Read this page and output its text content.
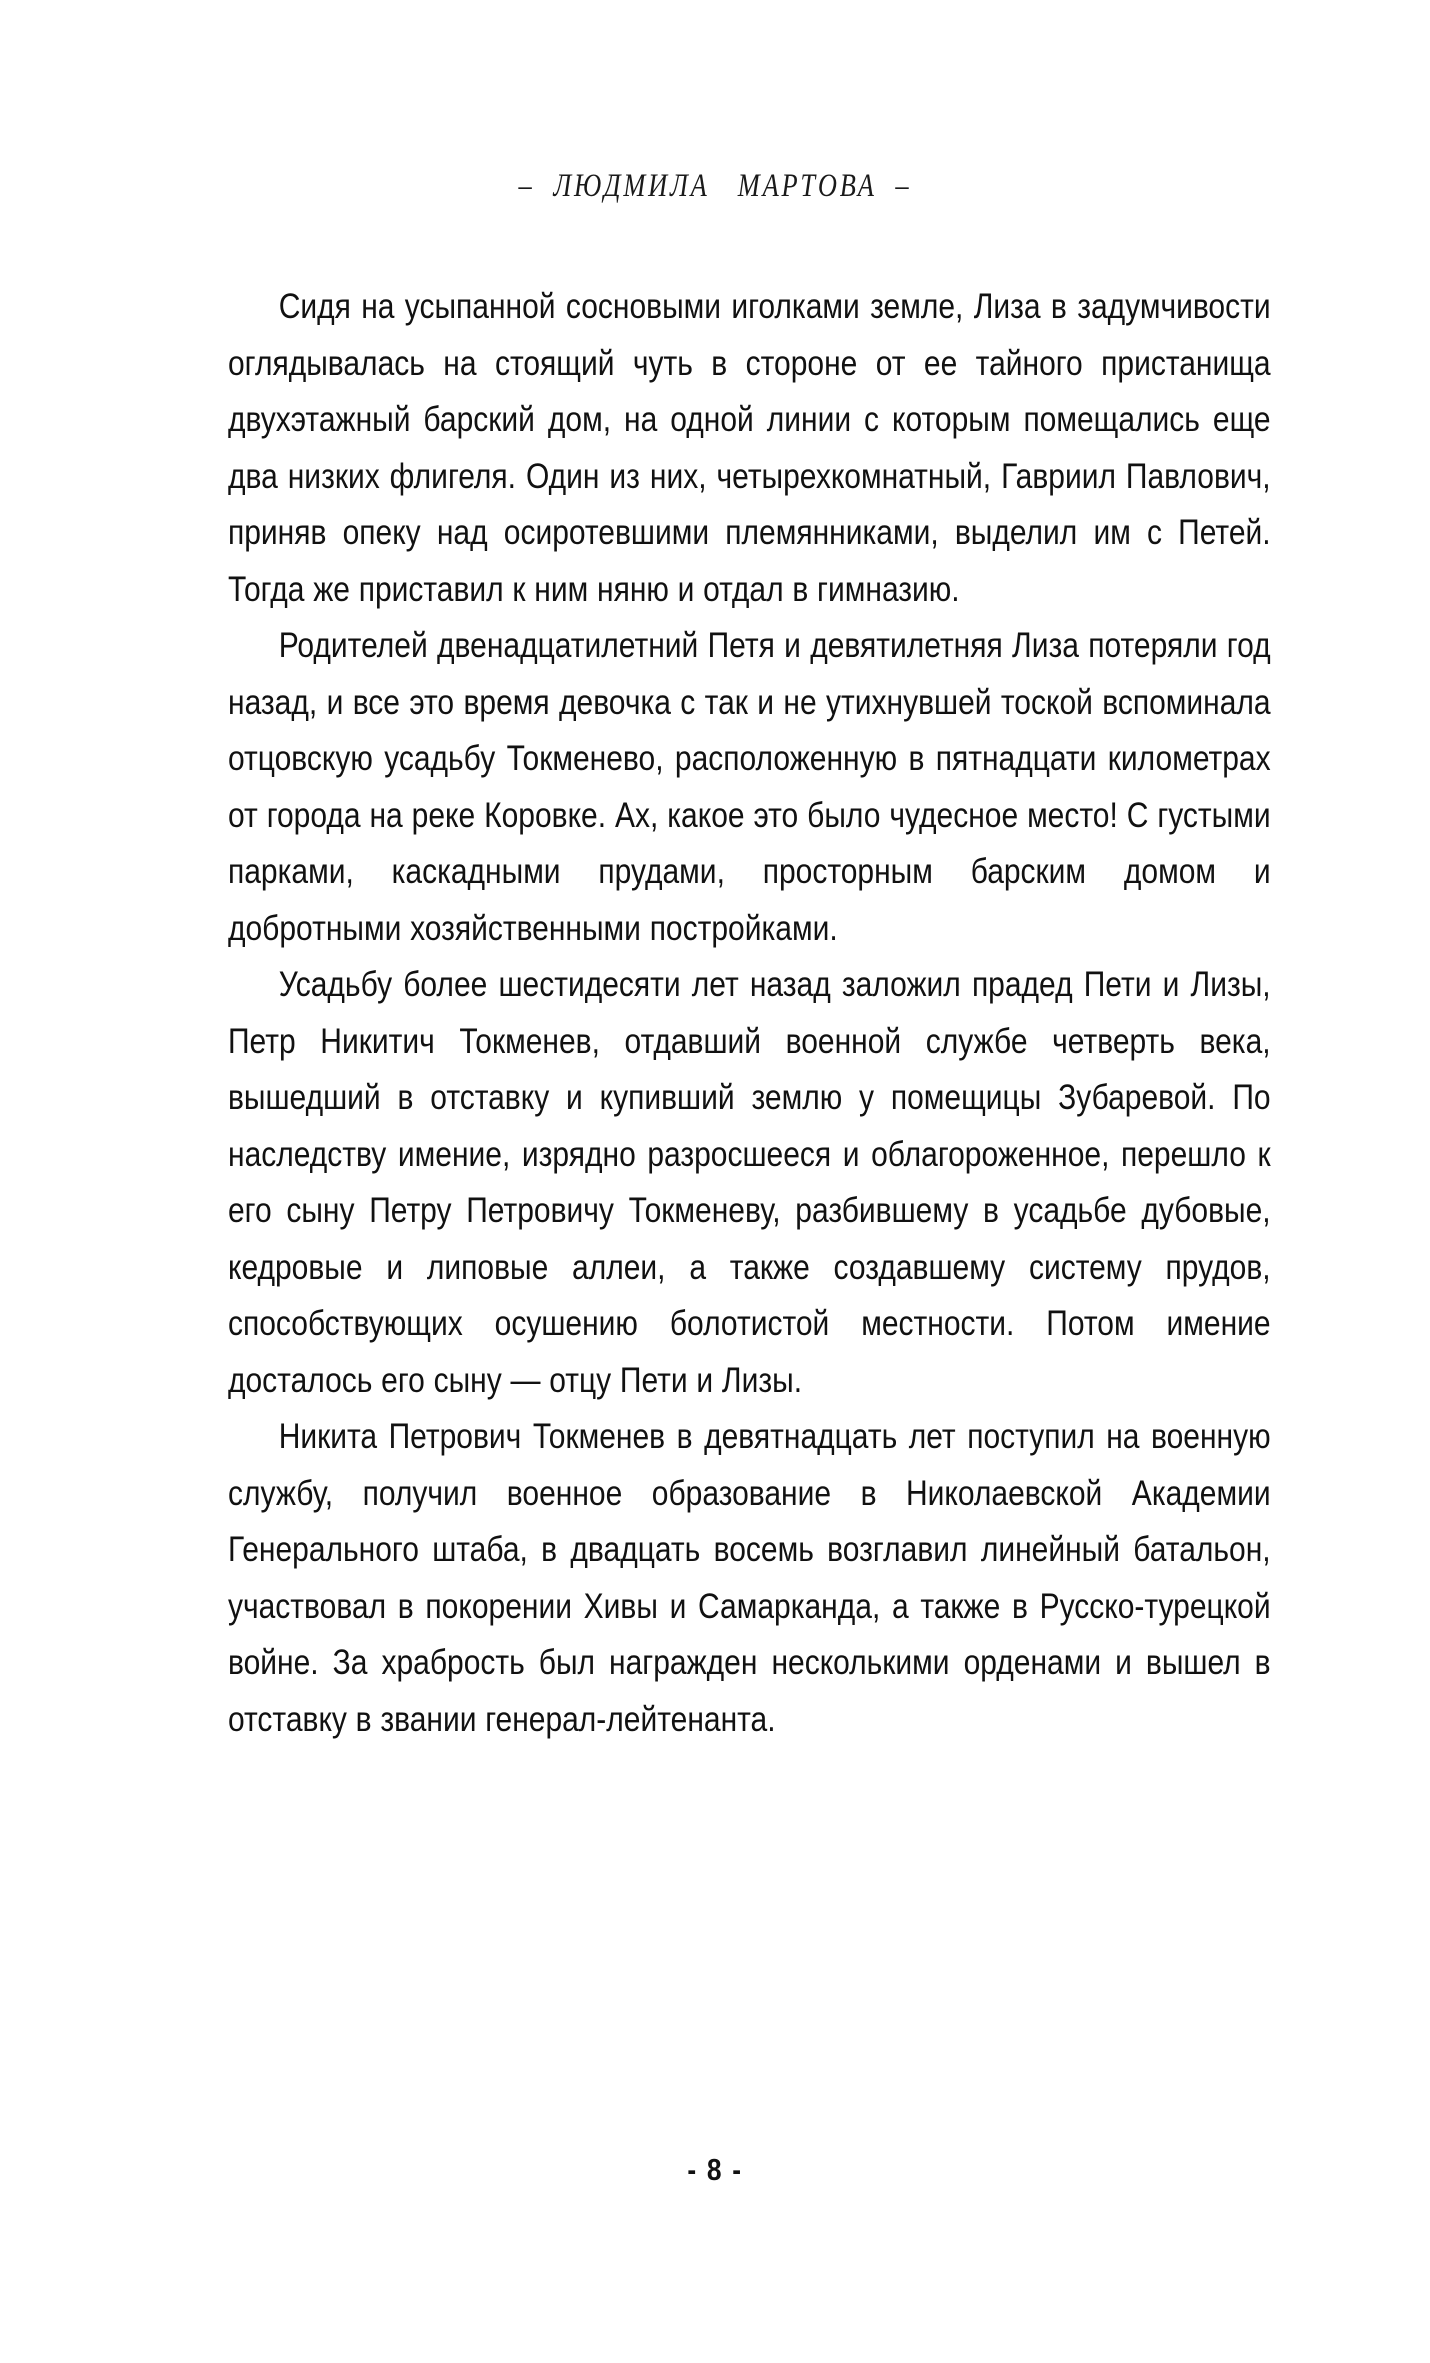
–  ЛЮДМИЛА   МАРТОВА  –

Сидя на усыпанной сосновыми иголками земле, Лиза в задумчивости оглядывалась на стоящий чуть в стороне от ее тайного пристанища двухэтажный барский дом, на одной линии с которым помещались еще два низких флигеля. Один из них, четырехкомнатный, Гавриил Павлович, приняв опеку над осиротевшими племянниками, выделил им с Петей. Тогда же приставил к ним няню и отдал в гимназию.

Родителей двенадцатилетний Петя и девятилетняя Лиза потеряли год назад, и все это время девочка с так и не утихнувшей тоской вспоминала отцовскую усадьбу Токменево, расположенную в пятнадцати километрах от города на реке Коровке. Ах, какое это было чудесное место! С густыми парками, каскадными прудами, просторным барским домом и добротными хозяйственными постройками.

Усадьбу более шестидесяти лет назад заложил прадед Пети и Лизы, Петр Никитич Токменев, отдавший военной службе четверть века, вышедший в отставку и купивший землю у помещицы Зубаревой. По наследству имение, изрядно разросшееся и облагороженное, перешло к его сыну Петру Петровичу Токменеву, разбившему в усадьбе дубовые, кедровые и липовые аллеи, а также создавшему систему прудов, способствующих осушению болотистой местности. Потом имение досталось его сыну — отцу Пети и Лизы.

Никита Петрович Токменев в девятнадцать лет поступил на военную службу, получил военное образование в Николаевской Академии Генерального штаба, в двадцать восемь возглавил линейный батальон, участвовал в покорении Хивы и Самарканда, а также в Русско-турецкой войне. За храбрость был награжден несколькими орденами и вышел в отставку в звании генерал-лейтенанта.

- 8 -
